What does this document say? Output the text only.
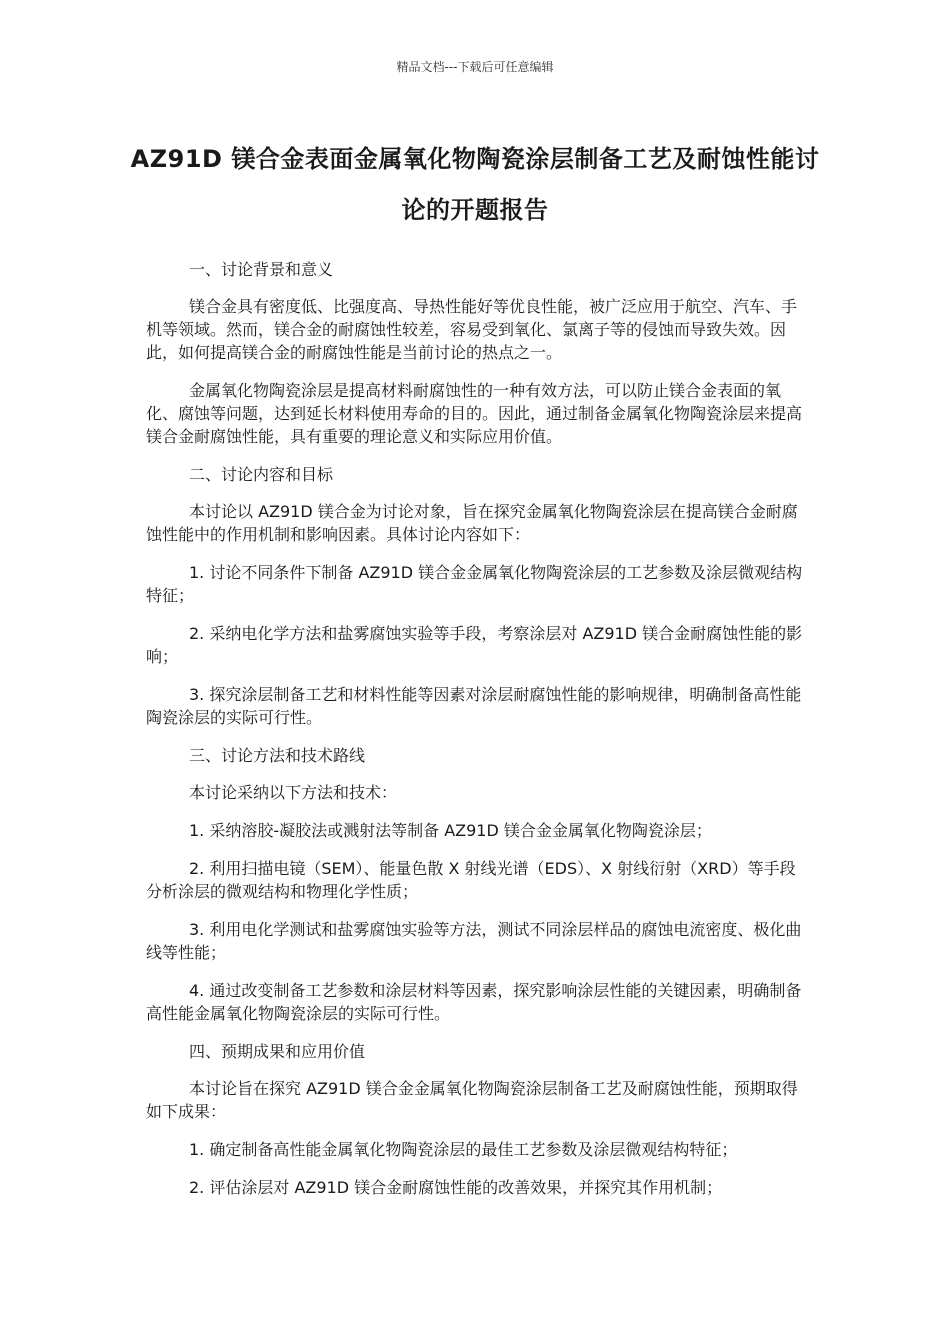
精品文档---下载后可任意编辑
AZ91D 镁合金表面金属氧化物陶瓷涂层制备工艺及耐蚀性能讨论的开题报告

一、讨论背景和意义

镁合金具有密度低、比强度高、导热性能好等优良性能，被广泛应用于航空、汽车、手机等领域。然而，镁合金的耐腐蚀性较差，容易受到氧化、氯离子等的侵蚀而导致失效。因此，如何提高镁合金的耐腐蚀性能是当前讨论的热点之一。

金属氧化物陶瓷涂层是提高材料耐腐蚀性的一种有效方法，可以防止镁合金表面的氧化、腐蚀等问题，达到延长材料使用寿命的目的。因此，通过制备金属氧化物陶瓷涂层来提高镁合金耐腐蚀性能，具有重要的理论意义和实际应用价值。

二、讨论内容和目标

本讨论以 AZ91D 镁合金为讨论对象，旨在探究金属氧化物陶瓷涂层在提高镁合金耐腐蚀性能中的作用机制和影响因素。具体讨论内容如下：

1. 讨论不同条件下制备 AZ91D 镁合金金属氧化物陶瓷涂层的工艺参数及涂层微观结构特征；

2. 采纳电化学方法和盐雾腐蚀实验等手段，考察涂层对 AZ91D 镁合金耐腐蚀性能的影响；

3. 探究涂层制备工艺和材料性能等因素对涂层耐腐蚀性能的影响规律，明确制备高性能陶瓷涂层的实际可行性。

三、讨论方法和技术路线

本讨论采纳以下方法和技术：

1. 采纳溶胶-凝胶法或溅射法等制备 AZ91D 镁合金金属氧化物陶瓷涂层；

2. 利用扫描电镜（SEM）、能量色散 X 射线光谱（EDS）、X 射线衍射（XRD）等手段分析涂层的微观结构和物理化学性质；

3. 利用电化学测试和盐雾腐蚀实验等方法，测试不同涂层样品的腐蚀电流密度、极化曲线等性能；

4. 通过改变制备工艺参数和涂层材料等因素，探究影响涂层性能的关键因素，明确制备高性能金属氧化物陶瓷涂层的实际可行性。

四、预期成果和应用价值

本讨论旨在探究 AZ91D 镁合金金属氧化物陶瓷涂层制备工艺及耐腐蚀性能，预期取得如下成果：

1. 确定制备高性能金属氧化物陶瓷涂层的最佳工艺参数及涂层微观结构特征；

2. 评估涂层对 AZ91D 镁合金耐腐蚀性能的改善效果，并探究其作用机制；
